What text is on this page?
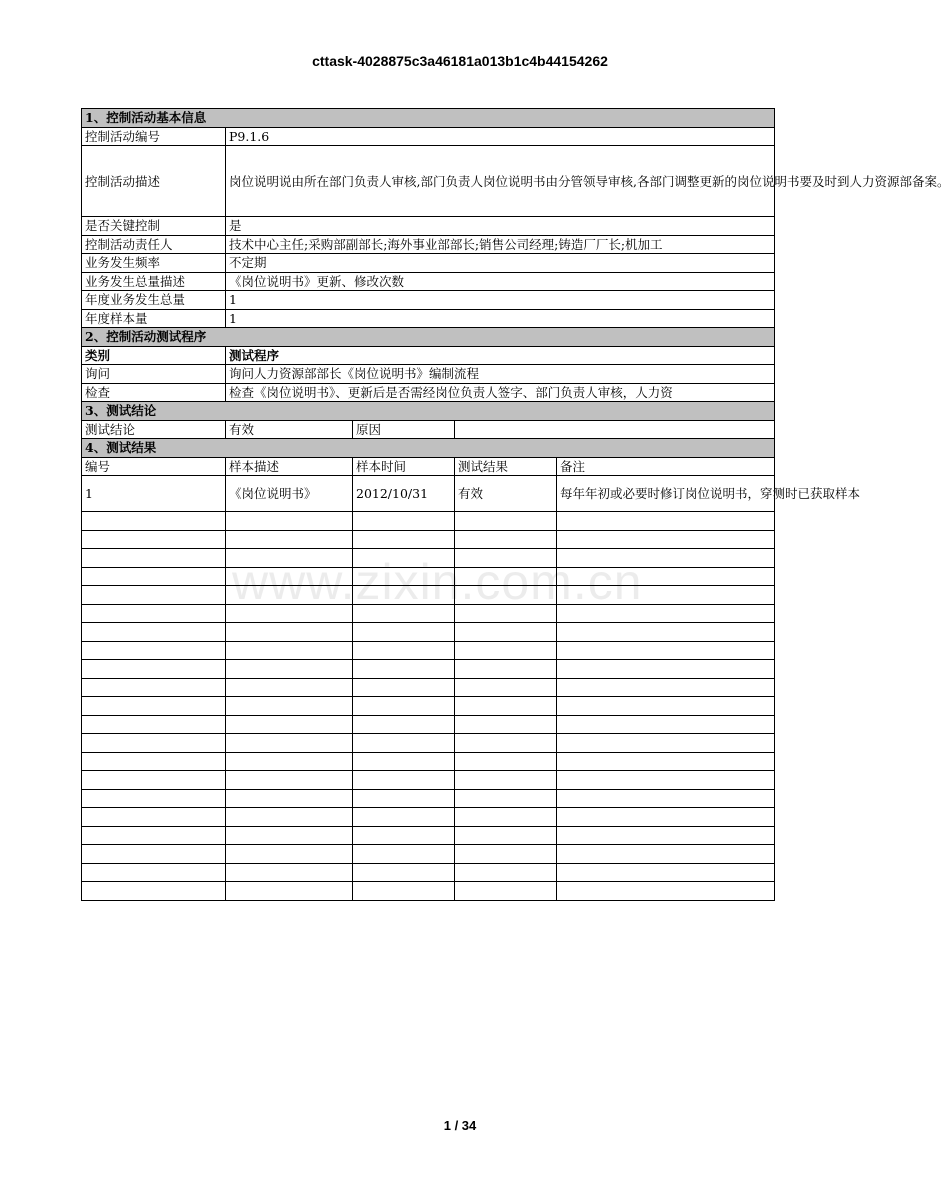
cttask-4028875c3a46181a013b1c4b44154262
www.zixin.com.cn
1、控制活动基本信息				
控制活动编号	P9.1.6			
控制活动描述	岗位说明说由所在部门负责人审核,部门负责人岗位说明书由分管领导审核,各部门调整更新的岗位说明书要及时到人力资源部备案。			
是否关键控制	是			
控制活动责任人	技术中心主任;采购部副部长;海外事业部部长;销售公司经理;铸造厂厂长;机加工			
业务发生频率	不定期			
业务发生总量描述	《岗位说明书》更新、修改次数			
年度业务发生总量	1			
年度样本量	1			
2、控制活动测试程序				
类别	测试程序			
询问	询问人力资源部部长《岗位说明书》编制流程			
检查	检查《岗位说明书》、更新后是否需经岗位负责人签字、部门负责人审核，人力资			
3、测试结论				
测试结论	有效	原因		
4、测试结果				
编号	样本描述	样本时间	测试结果	备注
1	《岗位说明书》	2012/10/31	有效	每年年初或必要时修订岗位说明书，穿测时已获取样本

1 / 34
